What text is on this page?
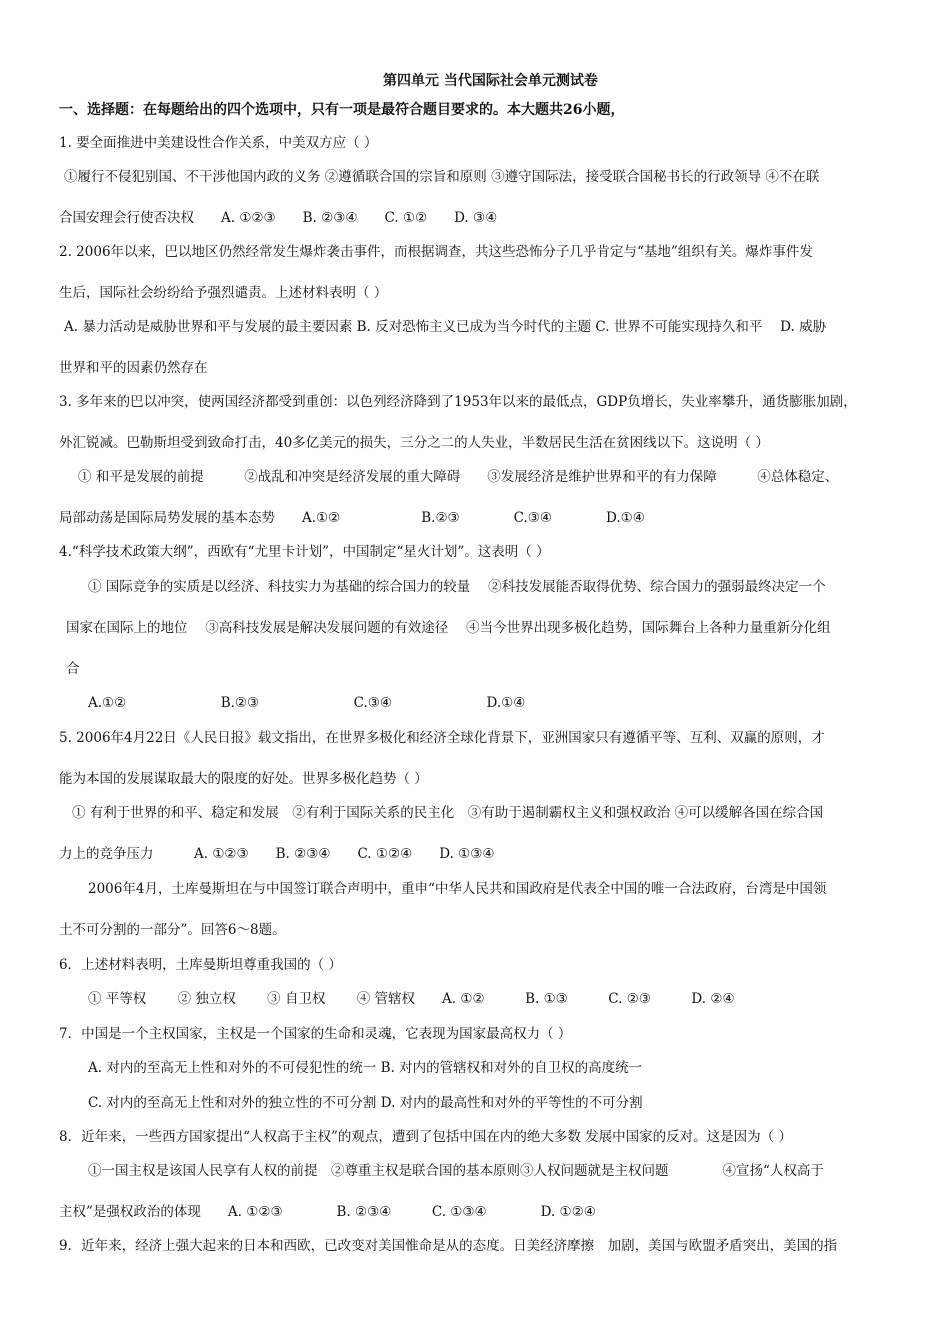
第四单元 当代国际社会单元测试卷
一、选择题：在每题给出的四个选项中，只有一项是最符合题目要求的。本大题共26小题，
1. 要全面推进中美建设性合作关系，中美双方应（ ）
①履行不侵犯别国、不干涉他国内政的义务 ②遵循联合国的宗旨和原则 ③遵守国际法，接受联合国秘书长的行政领导 ④不在联
合国安理会行使否决权　　A. ①②③　　B. ②③④　　C. ①②　　D. ③④
2. 2006年以来，巴以地区仍然经常发生爆炸袭击事件，而根据调查，共这些恐怖分子几乎肯定与“基地”组织有关。爆炸事件发
生后，国际社会纷纷给予强烈谴责。上述材料表明（ ）
A. 暴力活动是威胁世界和平与发展的最主要因素 B. 反对恐怖主义已成为当今时代的主题 C. 世界不可能实现持久和平　 D. 威胁
世界和平的因素仍然存在
3. 多年来的巴以冲突，使两国经济都受到重创：以色列经济降到了1953年以来的最低点，GDP负增长，失业率攀升，通货膨胀加剧，
外汇锐减。巴勒斯坦受到致命打击，40多亿美元的损失，三分之二的人失业，半数居民生活在贫困线以下。这说明（ ）
① 和平是发展的前提　　　②战乱和冲突是经济发展的重大障碍　　③发展经济是维护世界和平的有力保障　　　④总体稳定、
局部动荡是国际局势发展的基本态势　　A.①②　　　　　　B.②③　　　　C.③④　　　　D.①④
4.“科学技术政策大纲”，西欧有“尤里卡计划”，中国制定“星火计划”。这表明（ ）
① 国际竞争的实质是以经济、科技实力为基础的综合国力的较量　 ②科技发展能否取得优势、综合国力的强弱最终决定一个
国家在国际上的地位　 ③高科技发展是解决发展问题的有效途径　 ④当今世界出现多极化趋势，国际舞台上各种力量重新分化组
合
A.①②　　　　　　　B.②③　　　　　　　C.③④　　　　　　　D.①④
5. 2006年4月22日《人民日报》载文指出，在世界多极化和经济全球化背景下，亚洲国家只有遵循平等、互利、双赢的原则，才
能为本国的发展谋取最大的限度的好处。世界多极化趋势（ ）
① 有利于世界的和平、稳定和发展　②有利于国际关系的民主化　③有助于遏制霸权主义和强权政治 ④可以缓解各国在综合国
力上的竞争压力　　　A. ①②③　　B. ②③④　　C. ①②④　　D. ①③④
2006年4月，土库曼斯坦在与中国签订联合声明中，重申“中华人民共和国政府是代表全中国的唯一合法政府，台湾是中国领
土不可分割的一部分”。回答6～8题。
6．上述材料表明，土库曼斯坦尊重我国的（ ）
① 平等权　　 ② 独立权　　 ③ 自卫权　　 ④ 管辖权　　A. ①②　　　B. ①③　　　C. ②③　　　D. ②④
7．中国是一个主权国家，主权是一个国家的生命和灵魂，它表现为国家最高权力（ ）
A. 对内的至高无上性和对外的不可侵犯性的统一 B. 对内的管辖权和对外的自卫权的高度统一
C. 对内的至高无上性和对外的独立性的不可分割 D. 对内的最高性和对外的平等性的不可分割
8．近年来，一些西方国家提出“人权高于主权”的观点，遭到了包括中国在内的绝大多数 发展中国家的反对。这是因为（ ）
①一国主权是该国人民享有人权的前提　②尊重主权是联合国的基本原则③人权问题就是主权问题　　　　④宣扬“人权高于
主权”是强权政治的体现　　A. ①②③　　　　B. ②③④　　　C. ①③④　　　　D. ①②④
9．近年来，经济上强大起来的日本和西欧，已改变对美国惟命是从的态度。日美经济摩擦　加剧，美国与欧盟矛盾突出，美国的指
